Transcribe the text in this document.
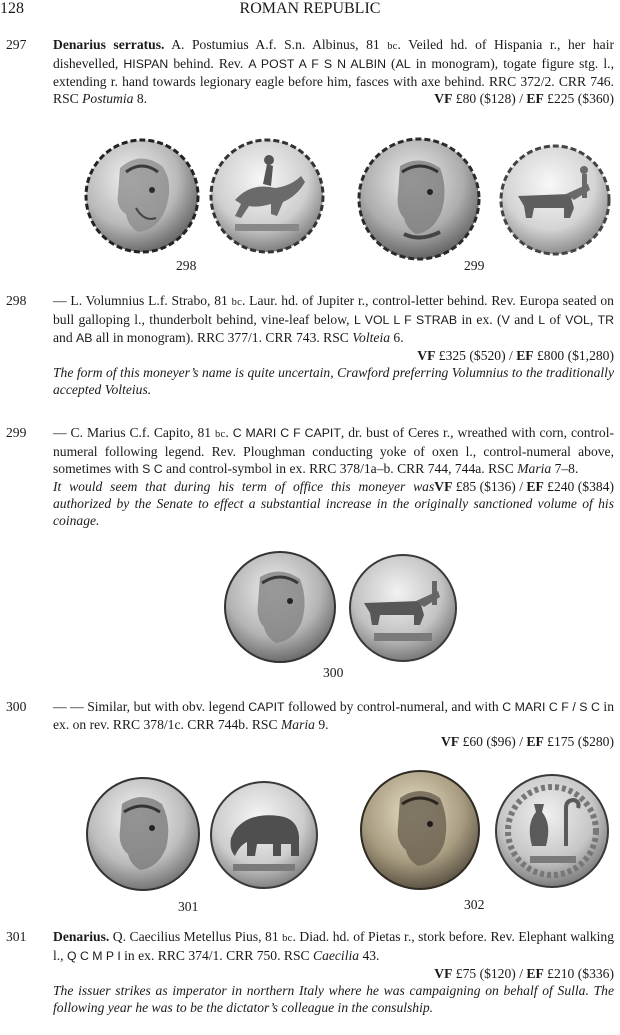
128	ROMAN REPUBLIC
297 Denarius serratus. A. Postumius A.f. S.n. Albinus, 81 bc. Veiled hd. of Hispania r., her hair dishevelled, HISPAN behind. Rev. A POST A F S N ALBIN (AL in monogram), togate figure stg. l., extending r. hand towards legionary eagle before him, fasces with axe behind. RRC 372/2. CRR 746. RSC Postumia 8.	VF £80 ($128) / EF £225 ($360)

298	299
298 — L. Volumnius L.f. Strabo, 81 bc. Laur. hd. of Jupiter r., control-letter behind. Rev. Europa seated on bull galloping l., thunderbolt behind, vine-leaf below, L VOL L F STRAB in ex. (V and L of VOL, TR and AB all in monogram). RRC 377/1. CRR 743. RSC Volteia 6.

VF £325 ($520) / EF £800 ($1,280)

The form of this moneyer’s name is quite uncertain, Crawford preferring Volumnius to the traditionally accepted Volteius.

299 — C. Marius C.f. Capito, 81 bc. C MARI C F CAPIT, dr. bust of Ceres r., wreathed with corn, control-numeral following legend. Rev. Ploughman conducting yoke of oxen l., control-numeral above, sometimes with S C and control-symbol in ex. RRC 378/1a–b. CRR 744, 744a. RSC Maria 7–8.
VF £85 ($136) / EF £240 ($384)

It would seem that during his term of office this moneyer was authorized by the Senate to effect a substantial increase in the originally sanctioned volume of his coinage.

300
300 — — Similar, but with obv. legend CAPIT followed by control-numeral, and with C MARI C F / S C in ex. on rev. RRC 378/1c. CRR 744b. RSC Maria 9.

VF £60 ($96) / EF £175 ($280)

301	302
301 Denarius. Q. Caecilius Metellus Pius, 81 bc. Diad. hd. of Pietas r., stork before. Rev. Elephant walking l., Q C M P I in ex. RRC 374/1. CRR 750. RSC Caecilia 43.

VF £75 ($120) / EF £210 ($336)

The issuer strikes as imperator in northern Italy where he was campaigning on behalf of Sulla. The following year he was to be the dictator’s colleague in the consulship.
